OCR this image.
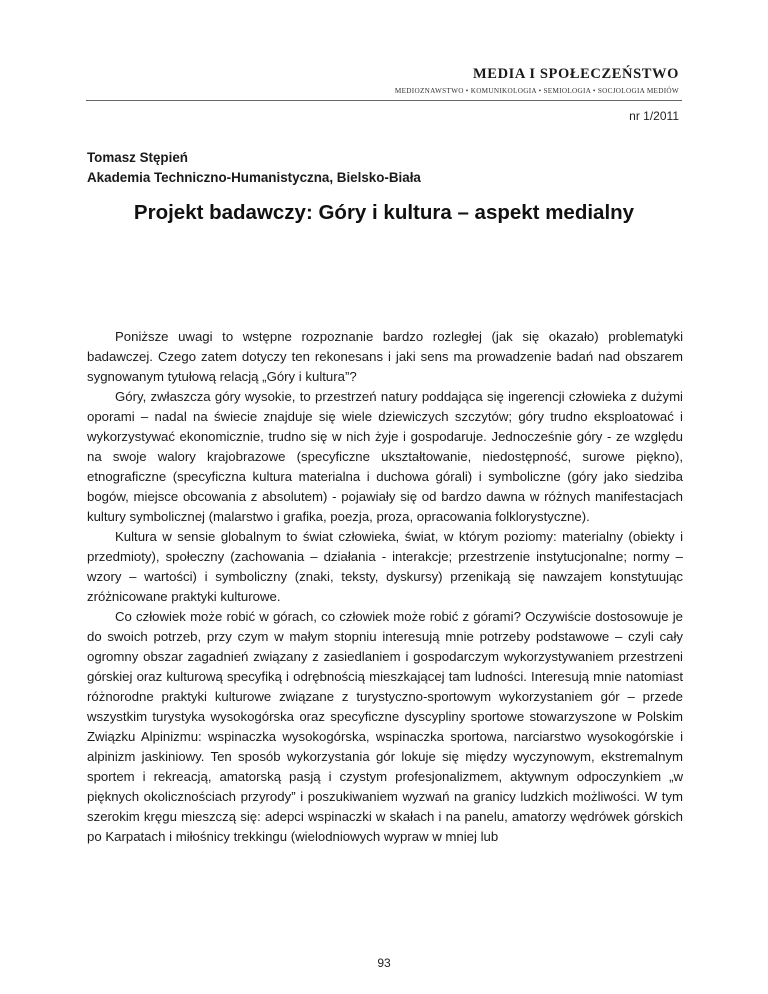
MEDIA I SPOŁECZEŃSTWO
MEDIOZNAWSTWO • KOMUNIKOLOGIA • SEMIOLOGIA • SOCJOLOGIA MEDIÓW
nr 1/2011
Tomasz Stępień
Akademia Techniczno-Humanistyczna, Bielsko-Biała
Projekt badawczy: Góry i kultura – aspekt medialny

Poniższe uwagi to wstępne rozpoznanie bardzo rozległej (jak się okazało) problematyki badawczej. Czego zatem dotyczy ten rekonesans i jaki sens ma prowadzenie badań nad obszarem sygnowanym tytułową relacją „Góry i kultura”?

Góry, zwłaszcza góry wysokie, to przestrzeń natury poddająca się ingerencji człowieka z dużymi oporami – nadal na świecie znajduje się wiele dziewiczych szczytów; góry trudno eksploatować i wykorzystywać ekonomicznie, trudno się w nich żyje i gospodaruje. Jednocześnie góry - ze względu na swoje walory krajobrazowe (specyficzne ukształtowanie, niedostępność, surowe piękno), etnograficzne (specyficzna kultura materialna i duchowa górali) i symboliczne (góry jako siedziba bogów, miejsce obcowania z absolutem) - pojawiały się od bardzo dawna w różnych manifestacjach kultury symbolicznej (malarstwo i grafika, poezja, proza, opracowania folklorystyczne).

Kultura w sensie globalnym to świat człowieka, świat, w którym poziomy: materialny (obiekty i przedmioty), społeczny (zachowania – działania - interakcje; przestrzenie instytucjonalne; normy – wzory – wartości) i symboliczny (znaki, teksty, dyskursy) przenikają się nawzajem konstytuując zróżnicowane praktyki kulturowe.

Co człowiek może robić w górach, co człowiek może robić z górami? Oczywiście dostosowuje je do swoich potrzeb, przy czym w małym stopniu interesują mnie potrzeby podstawowe – czyli cały ogromny obszar zagadnień związany z zasiedlaniem i gospodarczym wykorzystywaniem przestrzeni górskiej oraz kulturową specyfiką i odrębnością mieszkającej tam ludności. Interesują mnie natomiast różnorodne praktyki kulturowe związane z turystyczno-sportowym wykorzystaniem gór – przede wszystkim turystyka wysokogórska oraz specyficzne dyscypliny sportowe stowarzyszone w Polskim Związku Alpinizmu: wspinaczka wysokogórska, wspinaczka sportowa, narciarstwo wysokogórskie i alpinizm jaskiniowy. Ten sposób wykorzystania gór lokuje się między wyczynowym, ekstremalnym sportem i rekreacją, amatorską pasją i czystym profesjonalizmem, aktywnym odpoczynkiem „w pięknych okolicznościach przyrody” i poszukiwaniem wyzwań na granicy ludzkich możliwości. W tym szerokim kręgu mieszczą się: adepci wspinaczki w skałach i na panelu, amatorzy wędrówek górskich po Karpatach i miłośnicy trekkingu (wielodniowych wypraw w mniej lub

93
